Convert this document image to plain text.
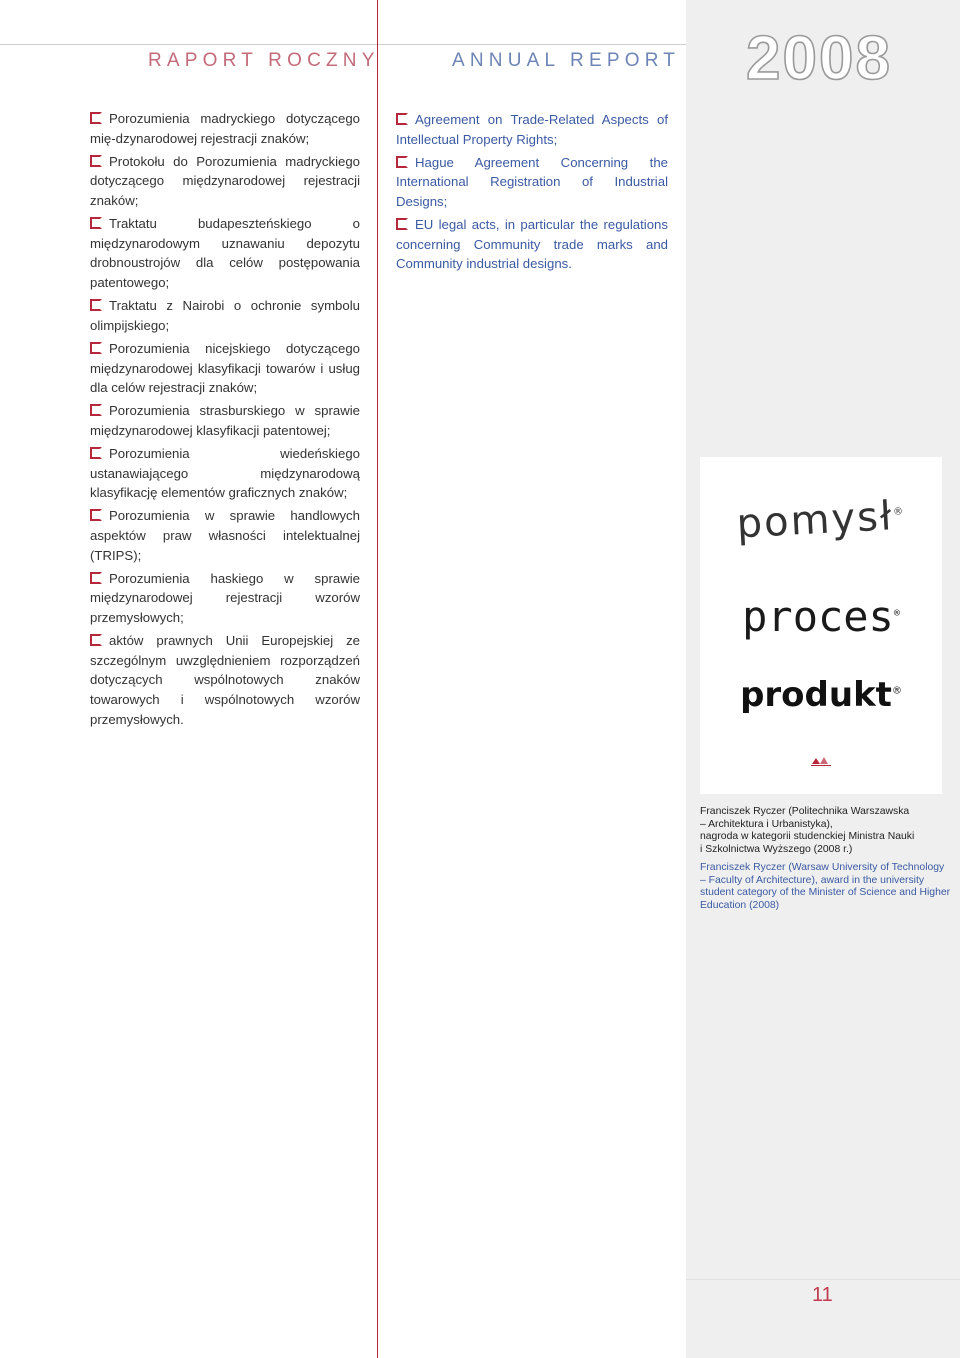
RAPORT ROCZNY	ANNUAL REPORT 2008
Porozumienia madryckiego dotyczącego mię-dzynarodowej rejestracji znaków;
Protokołu do Porozumienia madryckiego dotyczącego międzynarodowej rejestracji znaków;
Traktatu budapeszteńskiego o międzynarodowym uznawaniu depozytu drobnoustrojów dla celów postępowania patentowego;
Traktatu z Nairobi o ochronie symbolu olimpijskiego;
Porozumienia nicejskiego dotyczącego międzynarodowej klasyfikacji towarów i usług dla celów rejestracji znaków;
Porozumienia strasburskiego w sprawie międzynarodowej klasyfikacji patentowej;
Porozumienia wiedeńskiego ustanawiającego międzynarodową klasyfikację elementów graficznych znaków;
Porozumienia w sprawie handlowych aspektów praw własności intelektualnej (TRIPS);
Porozumienia haskiego w sprawie międzynarodowej rejestracji wzorów przemysłowych;
aktów prawnych Unii Europejskiej ze szczególnym uwzględnieniem rozporządzeń dotyczących wspólnotowych znaków towarowych i wspólnotowych wzorów przemysłowych.
Agreement on Trade-Related Aspects of Intellectual Property Rights;
Hague Agreement Concerning the International Registration of Industrial Designs;
EU legal acts, in particular the regulations concerning Community trade marks and Community industrial designs.
pomysł®
proces®
produkt®
Franciszek Ryczer (Politechnika Warszawska
– Architektura i Urbanistyka),
nagroda w kategorii studenckiej Ministra Nauki
i Szkolnictwa Wyższego (2008 r.)
Franciszek Ryczer (Warsaw University of Technology
– Faculty of Architecture), award in the university
student category of the Minister of Science and Higher
Education (2008)
11
